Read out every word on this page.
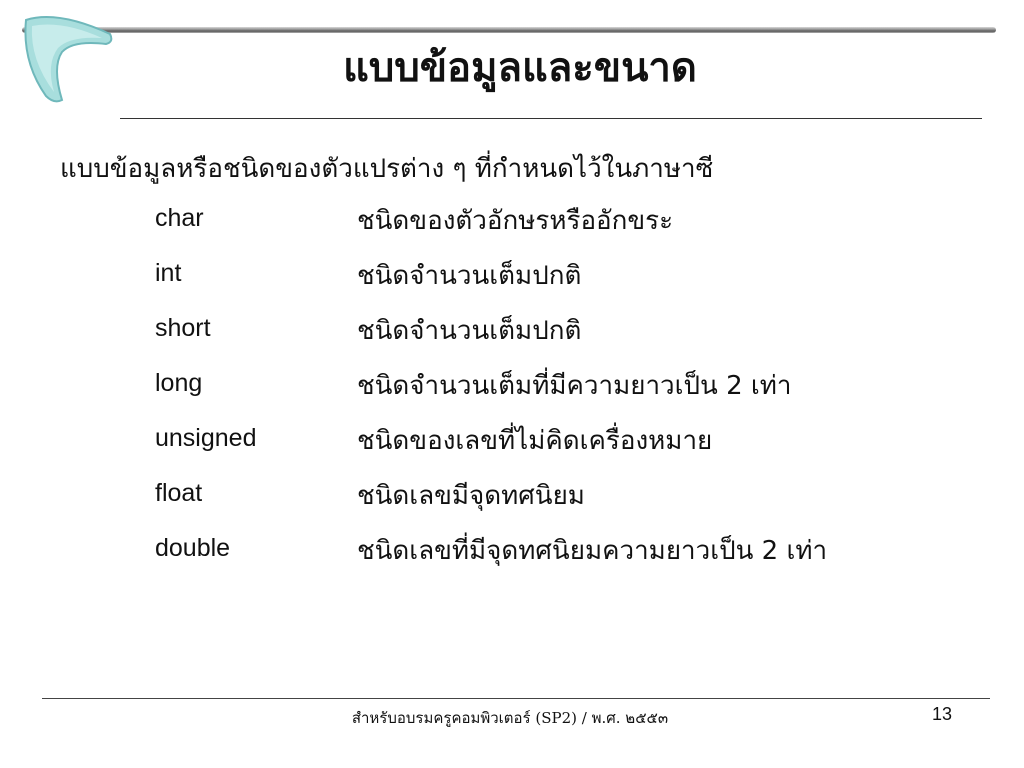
แบบข้อมูลและขนาด
แบบข้อมูลหรือชนิดของตัวแปรต่าง ๆ ที่กำหนดไว้ในภาษาซี
char	ชนิดของตัวอักษรหรืออักขระ
int	ชนิดจำนวนเต็มปกติ
short	ชนิดจำนวนเต็มปกติ
long	ชนิดจำนวนเต็มที่มีความยาวเป็น 2 เท่า
unsigned	ชนิดของเลขที่ไม่คิดเครื่องหมาย
float	ชนิดเลขมีจุดทศนิยม
double	ชนิดเลขที่มีจุดทศนิยมความยาวเป็น 2 เท่า
สำหรับอบรมครูคอมพิวเตอร์ (SP2) / พ.ศ. ๒๕๕๓	13
